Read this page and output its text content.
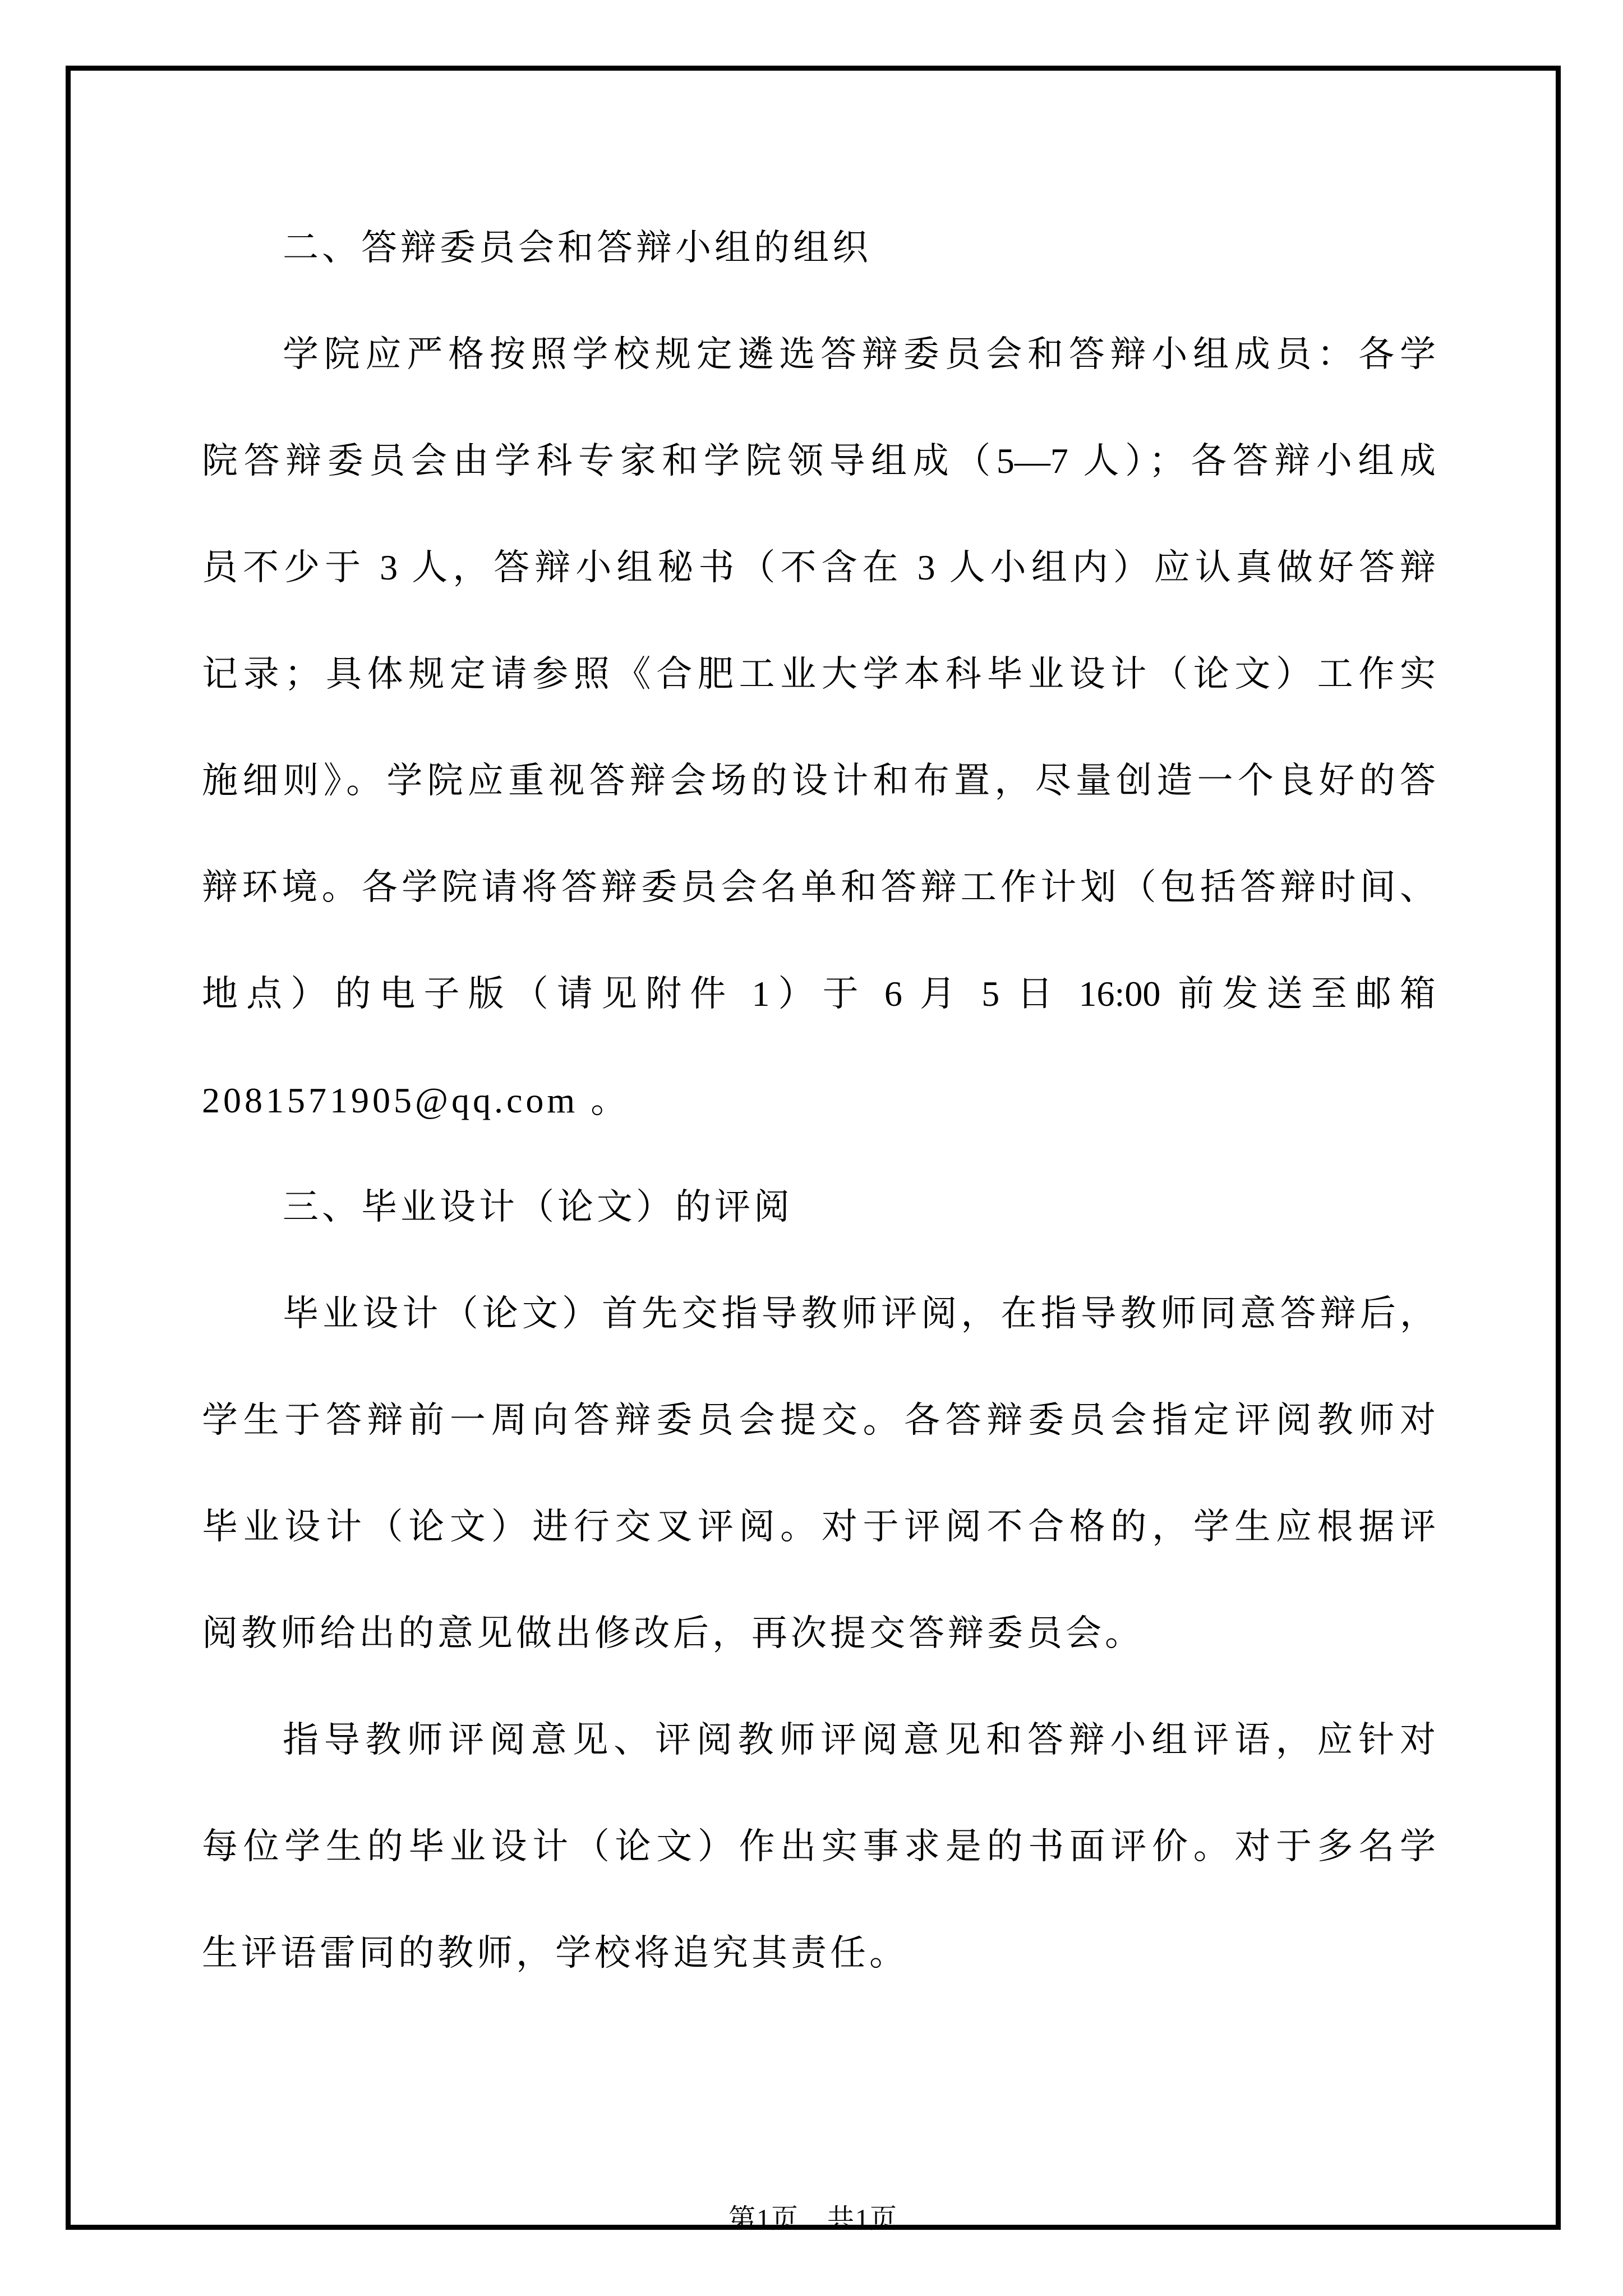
二、答辩委员会和答辩小组的组织
学院应严格按照学校规定遴选答辩委员会和答辩小组成员：各学
院答辩委员会由学科专家和学院领导组成（5—7 人）；各答辩小组成
员不少于 3 人，答辩小组秘书（不含在 3 人小组内）应认真做好答辩
记录；具体规定请参照《合肥工业大学本科毕业设计（论文）工作实
施细则》。学院应重视答辩会场的设计和布置，尽量创造一个良好的答
辩环境。各学院请将答辩委员会名单和答辩工作计划（包括答辩时间、
地点）的电子版（请见附件 1）于 6 月 5 日 16:00 前发送至邮箱
2081571905@qq.com 。
三、毕业设计（论文）的评阅
毕业设计（论文）首先交指导教师评阅，在指导教师同意答辩后，
学生于答辩前一周向答辩委员会提交。各答辩委员会指定评阅教师对
毕业设计（论文）进行交叉评阅。对于评阅不合格的，学生应根据评
阅教师给出的意见做出修改后，再次提交答辩委员会。
指导教师评阅意见、评阅教师评阅意见和答辩小组评语，应针对
每位学生的毕业设计（论文）作出实事求是的书面评价。对于多名学
生评语雷同的教师，学校将追究其责任。
第1页　共1页
